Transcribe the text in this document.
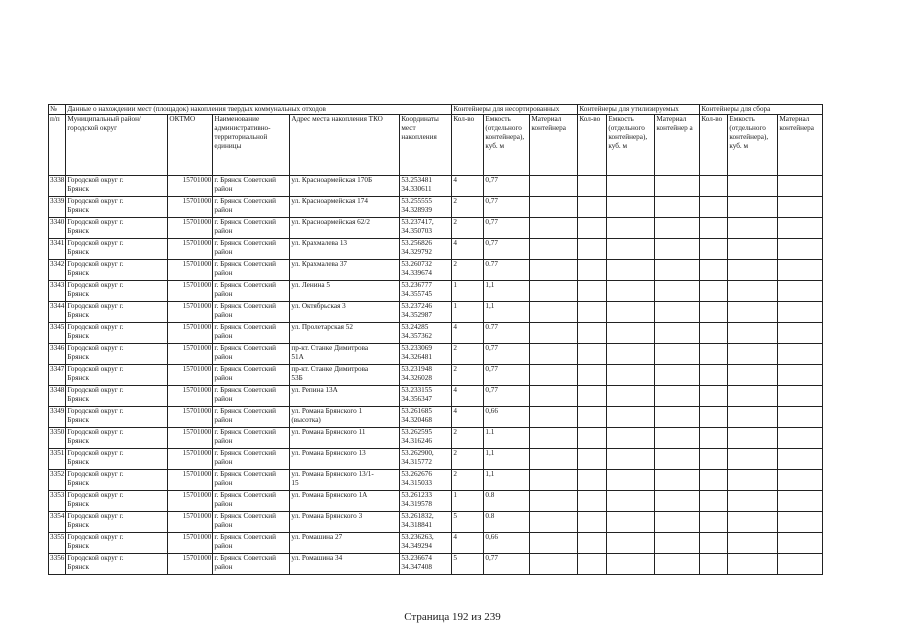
№	Данные о нахождении мест (площадок) накопления твердых коммунальных отходов					Контейнеры для несортированных			Контейнеры для утилизируемых			Контейнеры для сбора		
п/п	Муниципальный район/городской округ	ОКТМО	Наименование административно-территориальной единицы	Адрес места накопления ТКО	Координаты мест накопления	Кол-во	Емкость (отдельного контейнера), куб. м	Материал контейнера	Кол-во	Емкость (отдельного контейнера), куб. м	Материал контейнер а	Кол-во	Емкость (отдельного контейнера), куб. м	Материал контейнера

3338	Городской округ г.
Брянск	15701000	г. Брянск Советский
район	ул. Красноармейская 170Б	53.253481
34.330611	4	0,77							

3339	Городской округ г.
Брянск	15701000	г. Брянск Советский
район	ул. Красноармейская 174	53.255555
34.328939	2	0,77							

3340	Городской округ г.
Брянск	15701000	г. Брянск Советский
район	ул. Красноармейская 62/2	53.237417,
34.350703	2	0,77							

3341	Городской округ г.
Брянск	15701000	г. Брянск Советский
район	ул. Крахмалева 13	53.256826
34.329792	4	0,77							

3342	Городской округ г.
Брянск	15701000	г. Брянск Советский
район	ул. Крахмалева 37	53.260732
34.339674	2	0.77							

3343	Городской округ г.
Брянск	15701000	г. Брянск Советский
район	ул. Ленина 5	53.236777
34.355745	1	1,1							

3344	Городской округ г.
Брянск	15701000	г. Брянск Советский
район	ул. Октябрьская 3	53.237246
34.352987	1	1,1							

3345	Городской округ г.
Брянск	15701000	г. Брянск Советский
район	ул. Пролетарская 52	53.24285
34.357362	4	0.77							

3346	Городской округ г.
Брянск	15701000	г. Брянск Советский
район	пр-кт. Станке Димитрова
51А	53.233069
34.326481	2	0,77							

3347	Городской округ г.
Брянск	15701000	г. Брянск Советский
район	пр-кт. Станке Димитрова
53Б	53.231948
34.326028	2	0,77							

3348	Городской округ г.
Брянск	15701000	г. Брянск Советский
район	ул. Репина 13А	53.233155
34.356347	4	0,77							

3349	Городской округ г.
Брянск	15701000	г. Брянск Советский
район	ул. Романа Брянского 1
(высотка)	53.261685
34.320468	4	0,66							

3350	Городской округ г.
Брянск	15701000	г. Брянск Советский
район	ул. Романа Брянского 11	53.262595
34.316246	2	1.1							

3351	Городской округ г.
Брянск	15701000	г. Брянск Советский
район	ул. Романа Брянского 13	53.262900,
34.315772	2	1,1							

3352	Городской округ г.
Брянск	15701000	г. Брянск Советский
район	ул. Романа Брянского 13/1-
15	53.262676
34.315033	2	1,1							

3353	Городской округ г.
Брянск	15701000	г. Брянск Советский
район	ул. Романа Брянского 1А	53.261233
34.319578	1	0.8							

3354	Городской округ г.
Брянск	15701000	г. Брянск Советский
район	ул. Романа Брянского 3	53.261832,
34.318841	5	0.8							

3355	Городской округ г.
Брянск	15701000	г. Брянск Советский
район	ул. Ромашина 27	53.236263,
34.349294	4	0,66							

3356	Городской округ г.
Брянск	15701000	г. Брянск Советский
район	ул. Ромашина 34	53.236674
34.347408	5	0,77							

Страница 192 из 239
